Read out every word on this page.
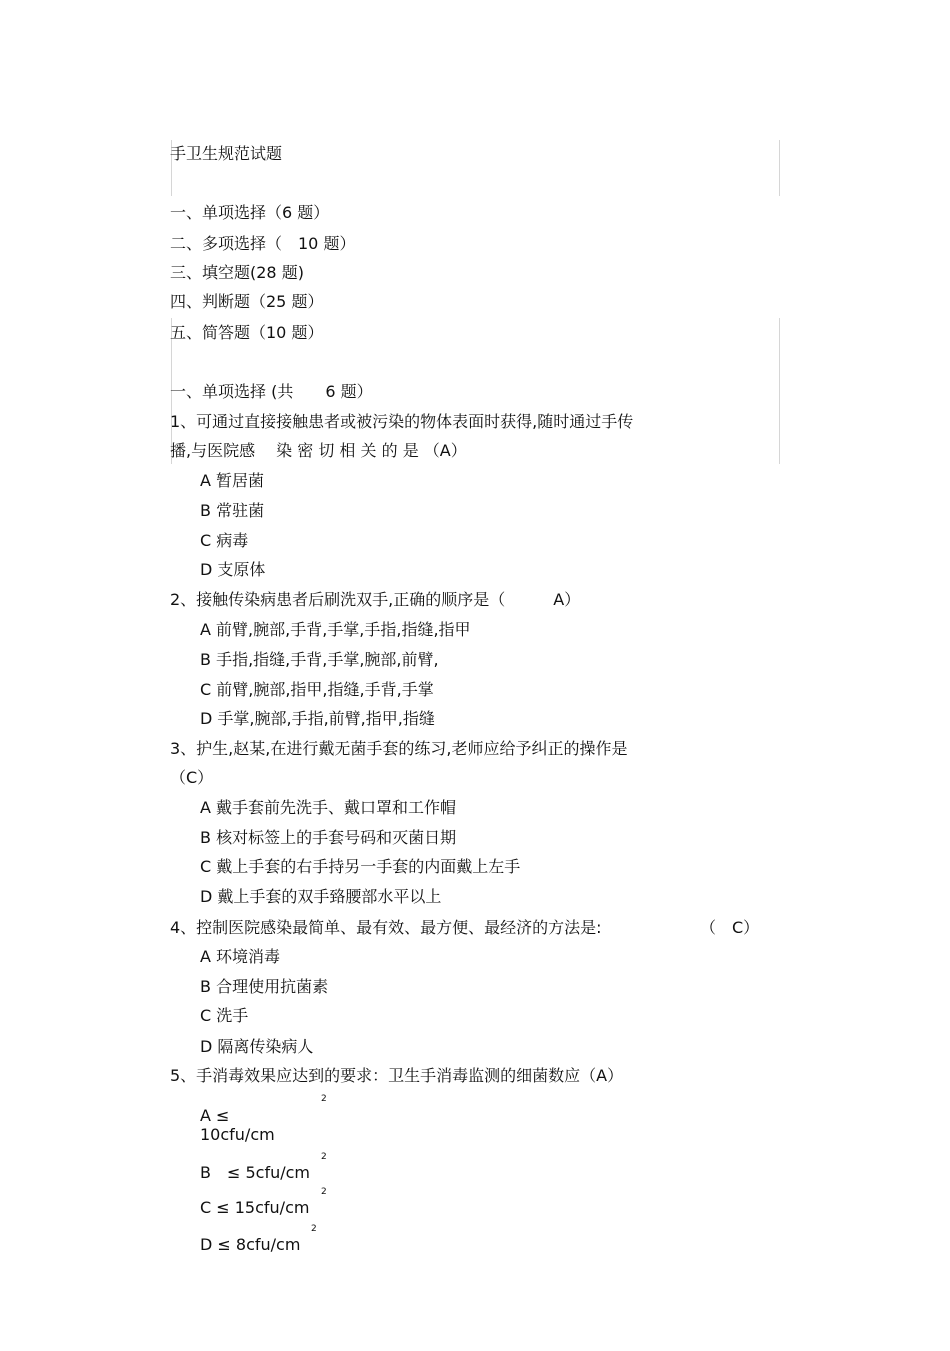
手卫生规范试题
一、单项选择（6 题）
二、多项选择（　10 题）
三、填空题(28 题)
四、判断题（25 题）
五、简答题（10 题）
一、单项选择 (共　　6 题）
1、可通过直接接触患者或被污染的物体表面时获得,随时通过手传
播,与医院感　 染 密 切 相 关 的 是 （A）
A 暂居菌
B 常驻菌
C 病毒
D 支原体
2、接触传染病患者后刷洗双手,正确的顺序是（　　　A）
A 前臂,腕部,手背,手掌,手指,指缝,指甲
B 手指,指缝,手背,手掌,腕部,前臂,
C 前臂,腕部,指甲,指缝,手背,手掌
D 手掌,腕部,手指,前臂,指甲,指缝
3、护生,赵某,在进行戴无菌手套的练习,老师应给予纠正的操作是
（C）
A 戴手套前先洗手、戴口罩和工作帽
B 核对标签上的手套号码和灭菌日期
C 戴上手套的右手持另一手套的内面戴上左手
D 戴上手套的双手臵腰部水平以上
4、控制医院感染最简单、最有效、最方便、最经济的方法是:	（　C）
A 环境消毒
B 合理使用抗菌素
C 洗手
D 隔离传染病人
5、手消毒效果应达到的要求：卫生手消毒监测的细菌数应（A）
2
A ≤
10cfu/cm
2
B　≤ 5cfu/cm
2
C ≤ 15cfu/cm
2
D ≤ 8cfu/cm
